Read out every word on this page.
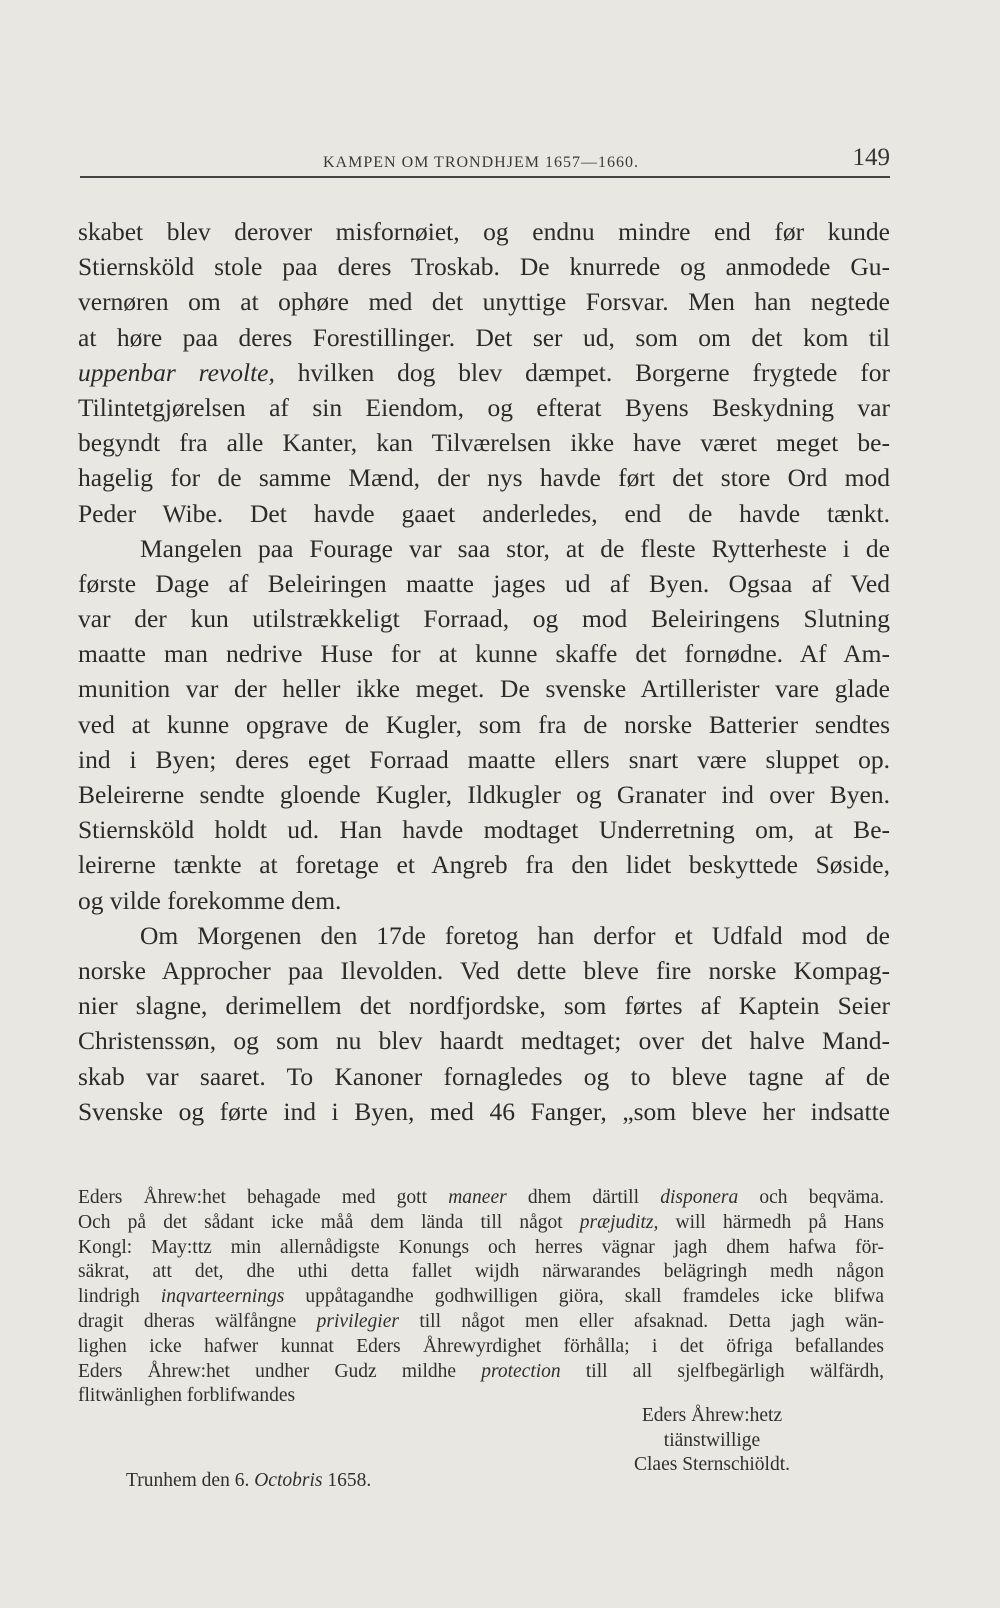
KAMPEN OM TRONDHJEM 1657—1660.	149
skabet blev derover misfornøiet, og endnu mindre end før kunde
Stiernsköld stole paa deres Troskab. De knurrede og anmodede Gu-
vernøren om at ophøre med det unyttige Forsvar. Men han negtede
at høre paa deres Forestillinger. Det ser ud, som om det kom til
uppenbar revolte, hvilken dog blev dæmpet. Borgerne frygtede for
Tilintetgjørelsen af sin Eiendom, og efterat Byens Beskydning var
begyndt fra alle Kanter, kan Tilværelsen ikke have været meget be-
hagelig for de samme Mænd, der nys havde ført det store Ord mod
Peder Wibe. Det havde gaaet anderledes, end de havde tænkt.
Mangelen paa Fourage var saa stor, at de fleste Rytterheste i de
første Dage af Beleiringen maatte jages ud af Byen. Ogsaa af Ved
var der kun utilstrækkeligt Forraad, og mod Beleiringens Slutning
maatte man nedrive Huse for at kunne skaffe det fornødne. Af Am-
munition var der heller ikke meget. De svenske Artillerister vare glade
ved at kunne opgrave de Kugler, som fra de norske Batterier sendtes
ind i Byen; deres eget Forraad maatte ellers snart være sluppet op.
Beleirerne sendte gloende Kugler, Ildkugler og Granater ind over Byen.
Stiernsköld holdt ud. Han havde modtaget Underretning om, at Be-
leirerne tænkte at foretage et Angreb fra den lidet beskyttede Søside,
og vilde forekomme dem.
Om Morgenen den 17de foretog han derfor et Udfald mod de
norske Approcher paa Ilevolden. Ved dette bleve fire norske Kompag-
nier slagne, derimellem det nordfjordske, som førtes af Kaptein Seier
Christenssøn, og som nu blev haardt medtaget; over det halve Mand-
skab var saaret. To Kanoner fornagledes og to bleve tagne af de
Svenske og førte ind i Byen, med 46 Fanger, „som bleve her indsatte
Eders Åhrew:het behagade med gott maneer dhem därtill disponera och beqväma.
Och på det sådant icke måå dem lända till något præjuditz, will härmedh på Hans
Kongl: May:ttz min allernådigste Konungs och herres vägnar jagh dhem hafwa för-
säkrat, att det, dhe uthi detta fallet wijdh närwarandes belägringh medh någon
lindrigh inqvarteernings uppåtagandhe godhwilligen giöra, skall framdeles icke blifwa
dragit dheras wälfångne privilegier till något men eller afsaknad. Detta jagh wän-
lighen icke hafwer kunnat Eders Åhrewyrdighet förhålla; i det öfriga befallandes
Eders Åhrew:het undher Gudz mildhe protection till all sjelfbegärligh wälfärdh,
flitwänlighen forblifwandes
Eders Åhrew:hetz
tiänstwillige
Claes Sternschiöldt.
Trunhem den 6. Octobris 1658.
